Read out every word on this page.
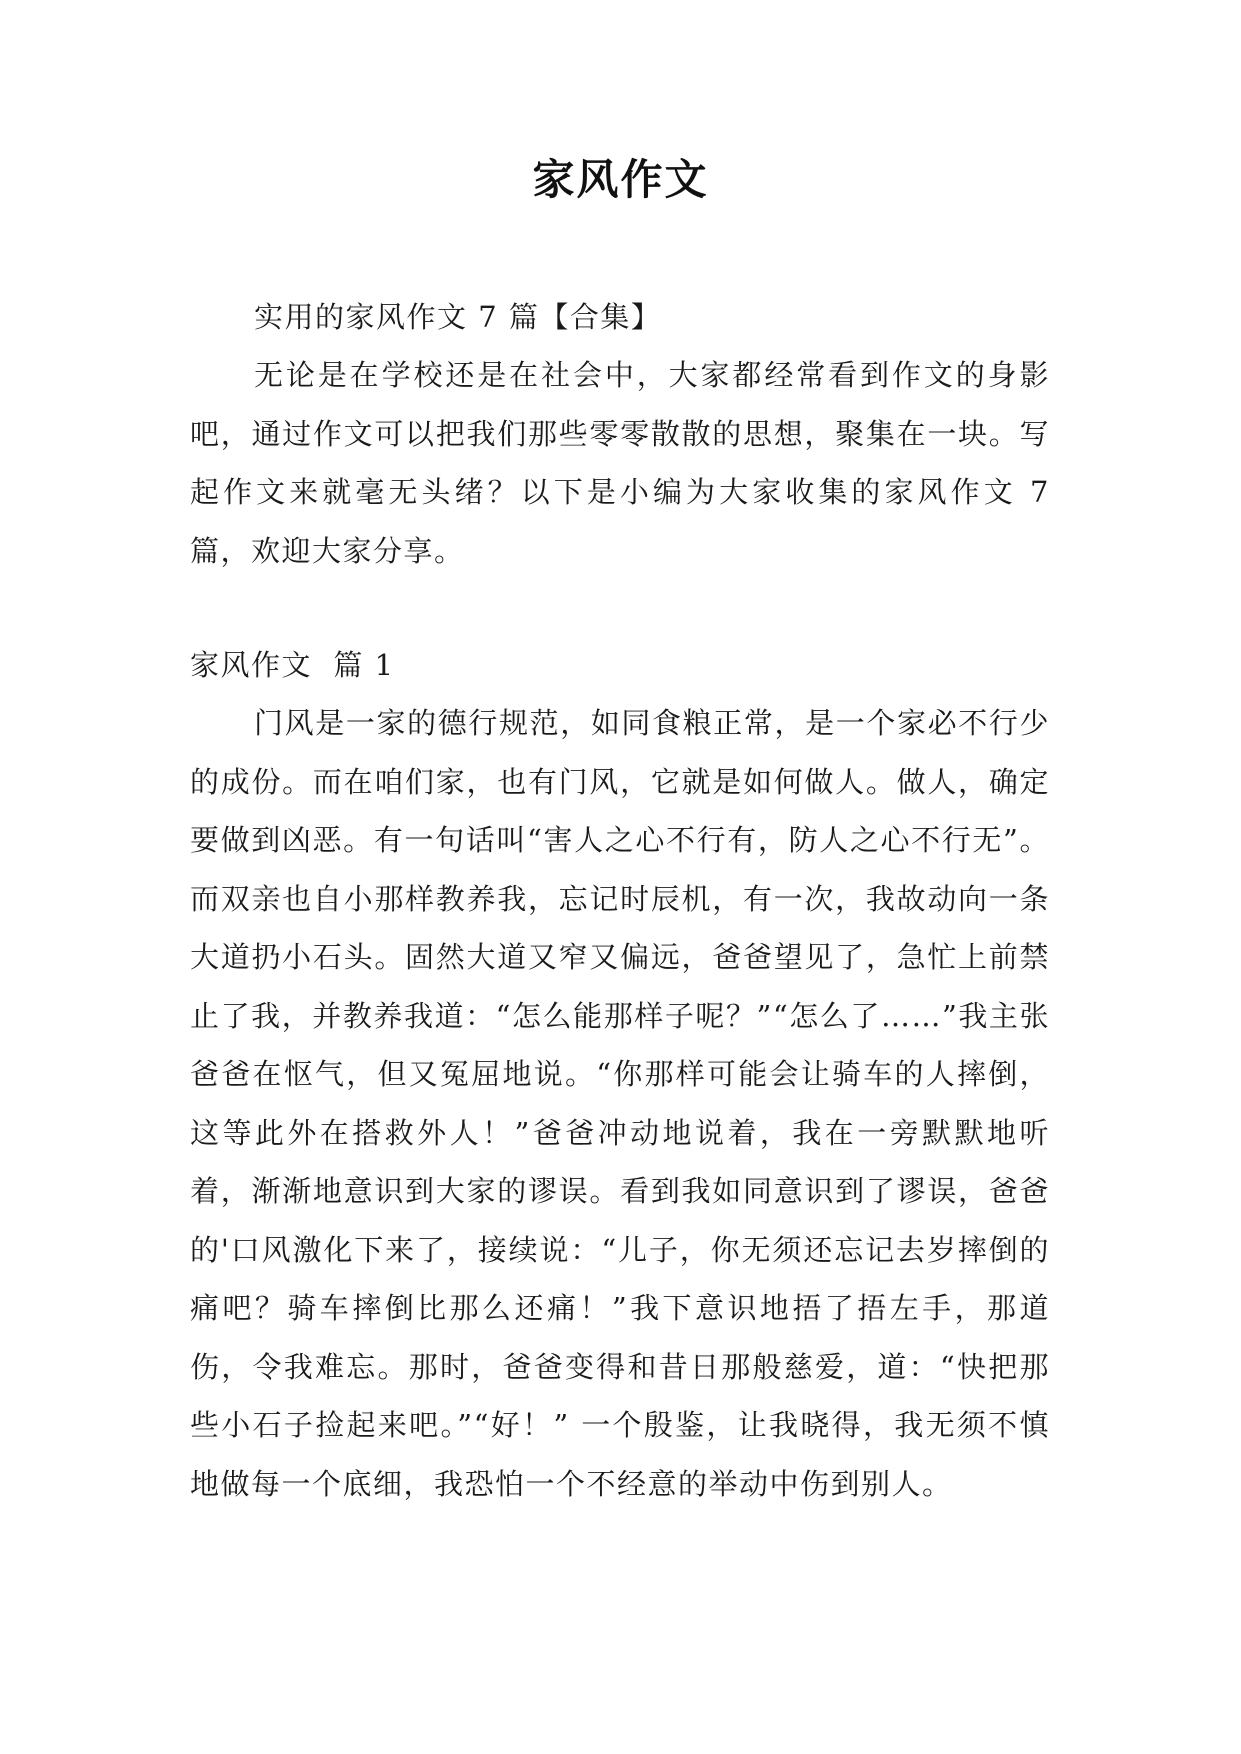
家风作文
实用的家风作文 7 篇【合集】
无论是在学校还是在社会中，大家都经常看到作文的身影吧，通过作文可以把我们那些零零散散的思想，聚集在一块。写起作文来就毫无头绪？以下是小编为大家收集的家风作文 7 篇，欢迎大家分享。
家风作文  篇 1
门风是一家的德行规范，如同食粮正常，是一个家必不行少的成份。而在咱们家，也有门风，它就是如何做人。做人，确定要做到凶恶。有一句话叫“害人之心不行有，防人之心不行无”。而双亲也自小那样教养我，忘记时辰机，有一次，我故动向一条大道扔小石头。固然大道又窄又偏远，爸爸望见了，急忙上前禁止了我，并教养我道：“怎么能那样子呢？”“怎么了……”我主张爸爸在怄气，但又冤屈地说。“你那样可能会让骑车的人摔倒，这等此外在搭救外人！”爸爸冲动地说着，我在一旁默默地听着，渐渐地意识到大家的谬误。看到我如同意识到了谬误，爸爸的'口风激化下来了，接续说：“儿子，你无须还忘记去岁摔倒的痛吧？骑车摔倒比那么还痛！”我下意识地捂了捂左手，那道伤，令我难忘。那时，爸爸变得和昔日那般慈爱，道：“快把那些小石子捡起来吧。”“好！” 一个殷鉴，让我晓得，我无须不慎地做每一个底细，我恐怕一个不经意的举动中伤到别人。
